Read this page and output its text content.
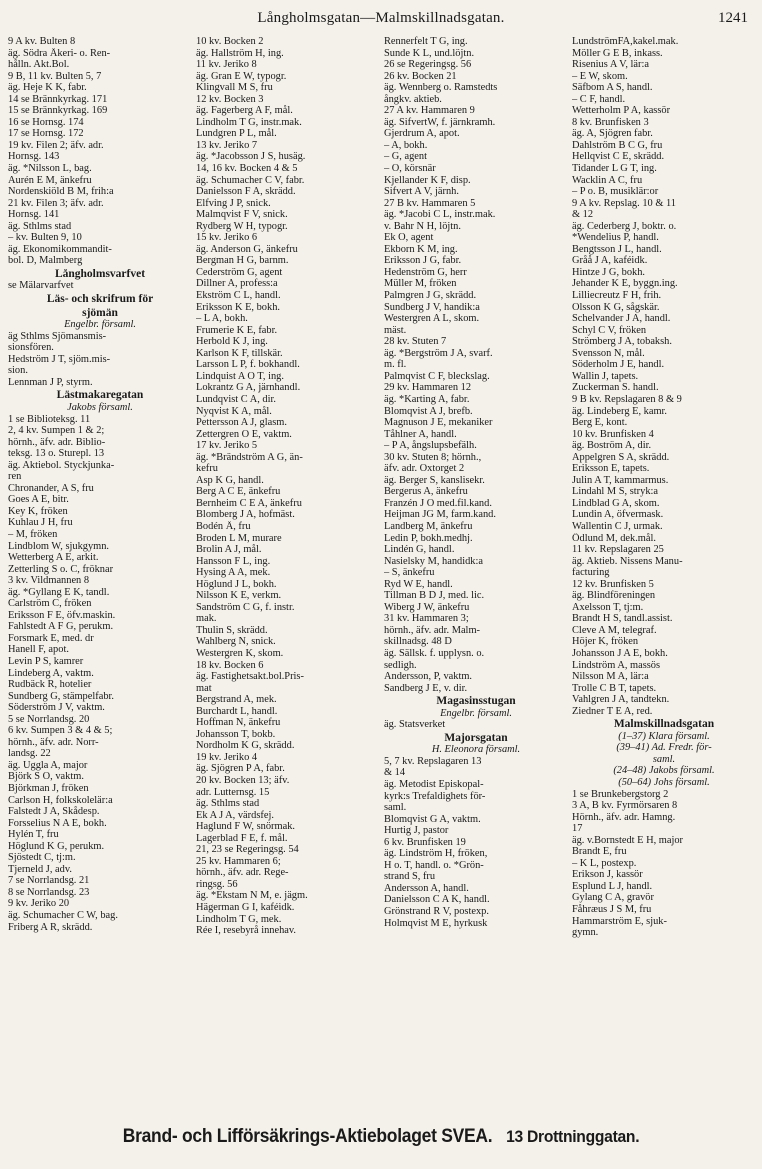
Långholmsgatan—Malmskillnadsgatan.	1241
9 A kv. Bulten 8
äg. Södra Åkeri- o. Ren-
hålln. Akt.Bol.
9 B, 11 kv. Bulten 5, 7
äg. Heje K K, fabr.
14 se Brännkyrkag. 171
15 se Brännkyrkag. 169
16 se Hornsg. 174
17 se Hornsg. 172
19 kv. Filen 2; äfv. adr.
Hornsg. 143
äg. *Nilsson L, bag.
Aurén E M, änkefru
Nordenskiöld B M, frih:a
21 kv. Filen 3; äfv. adr.
Hornsg. 141
äg. Sthlms stad
– kv. Bulten 9, 10
äg. Ekonomikommandit-
bol. D, Malmberg
Långholmsvarfvet
se Mälarvarfvet
Läs- och skrifrum för
sjömän
Engelbr. församl.
äg Sthlms Sjömansmis-
sionsfören.
Hedström J T, sjöm.mis-
sion.
Lennman J P, styrm.
Lästmakaregatan
Jakobs församl.
1 se Biblioteksg. 11
2, 4 kv. Sumpen 1 & 2;
hörnh., äfv. adr. Biblio-
teksg. 13 o. Sturepl. 13
äg. Aktiebol. Styckjunka-
ren
Chronander, A S, fru
Goes A E, bitr.
Key K, fröken
Kuhlau J H, fru
– M, fröken
Lindblom W, sjukgymn.
Wetterberg A E, arkit.
Zetterling S o. C, fröknar
3 kv. Vildmannen 8
äg. *Gyllang E K, tandl.
Carlström C, fröken
Eriksson F E, öfv.maskin.
Fahlstedt A F G, perukm.
Forsmark E, med. dr
Hanell F, apot.
Levin P S, kamrer
Lindeberg A, vaktm.
Rudbäck R, hotelier
Sundberg G, stämpelfabr.
Söderström J V, vaktm.
5 se Norrlandsg. 20
6 kv. Sumpen 3 & 4 & 5;
hörnh., äfv. adr. Norr-
landsg. 22
äg. Uggla A, major
Björk S O, vaktm.
Björkman J, fröken
Carlson H, folkskolelär:a
Falstedt J A, Skådesp.
Forsselius N A E, bokh.
Hylén T, fru
Höglund K G, perukm.
Sjöstedt C, tj:m.
Tjerneld J, adv.
7 se Norrlandsg. 21
8 se Norrlandsg. 23
9 kv. Jeriko 20
äg. Schumacher C W, bag.
Friberg A R, skrädd.
10 kv. Bocken 2
äg. Hallström H, ing.
11 kv. Jeriko 8
äg. Gran E W, typogr.
Klingvall M S, fru
12 kv. Bocken 3
äg. Fagerberg A F, mål.
Lindholm T G, instr.mak.
Lundgren P L, mål.
13 kv. Jeriko 7
äg. *Jacobsson J S, husäg.
14, 16 kv. Bocken 4 & 5
äg. Schumacher C V, fabr.
Danielsson F A, skrädd.
Elfving J P, snick.
Malmqvist F V, snick.
Rydberg W H, typogr.
15 kv. Jeriko 6
äg. Anderson G, änkefru
Bergman H G, barnm.
Cederström G, agent
Dillner A, profess:a
Ekström C L, handl.
Eriksson K E, bokh.
– L A, bokh.
Frumerie K E, fabr.
Herbold K J, ing.
Karlson K F, tillskär.
Larsson L P, f. bokhandl.
Lindquist A O T, ing.
Lokrantz G A, järnhandl.
Lundqvist C A, dir.
Nyqvist K A, mål.
Pettersson A J, glasm.
Zettergren O E, vaktm.
17 kv. Jeriko 5
äg. *Brändström A G, än-
kefru
Asp K G, handl.
Berg A C E, änkefru
Bernheim C E A, änkefru
Blomberg J A, hofmäst.
Bodén Ä, fru
Broden L M, murare
Brolin A J, mål.
Hansson F L, ing.
Hysing A A, mek.
Höglund J L, bokh.
Nilsson K E, verkm.
Sandström C G, f. instr.
mak.
Thulin S, skrädd.
Wahlberg N, snick.
Westergren K, skom.
18 kv. Bocken 6
äg. Fastighetsakt.bol.Pris-
mat
Bergstrand A, mek.
Burchardt L, handl.
Hoffman N, änkefru
Johansson T, bokb.
Nordholm K G, skrädd.
19 kv. Jeriko 4
äg. Sjögren P A, fabr.
20 kv. Bocken 13; äfv.
adr. Lutternsg. 15
äg. Sthlms stad
Ek A J A, värdsfej.
Haglund F W, snörmak.
Lagerblad F E, f. mål.
21, 23 se Regeringsg. 54
25 kv. Hammaren 6;
hörnh., äfv. adr. Rege-
ringsg. 56
äg. *Ekstam N M, e. jägm.
Hägerman G I, kaféidk.
Lindholm T G, mek.
Rée I, resebyrå innehav.
Rennerfelt T G, ing.
Sunde K L, und.löjtn.
26 se Regeringsg. 56
26 kv. Bocken 21
äg. Wennberg o. Ramstedts
ångkv. aktieb.
27 A kv. Hammaren 9
äg. SifvertW, f. järnkramh.
Gjerdrum A, apot.
– A, bokh.
– G, agent
– O, körsnär
Kjellander K F, disp.
Sifvert A V, järnh.
27 B kv. Hammaren 5
äg. *Jacobi C L, instr.mak.
v. Bahr N H, löjtn.
Ek O, agent
Ekborn K M, ing.
Eriksson J G, fabr.
Hedenström G, herr
Müller M, fröken
Palmgren J G, skrädd.
Sundberg J V, handik:a
Westergren A L, skom.
mäst.
28 kv. Stuten 7
äg. *Bergström J A, svarf.
m. fl.
Palmqvist C F, bleckslag.
29 kv. Hammaren 12
äg. *Karting A, fabr.
Blomqvist A J, brefb.
Magnuson J E, mekaniker
Tåhlner A, handl.
– P A, ångslupsbefälh.
30 kv. Stuten 8; hörnh.,
äfv. adr. Oxtorget 2
äg. Berger S, kanslisekr.
Bergerus A, änkefru
Franzén J O med.fil.kand.
Heijman JG M, farm.kand.
Landberg M, änkefru
Ledin P, bokh.medhj.
Lindén G, handl.
Nasielsky M, handidk:a
– S, änkefru
Ryd W E, handl.
Tillman B D J, med. lic.
Wiberg J W, änkefru
31 kv. Hammaren 3;
hörnh., äfv. adr. Malm-
skillnadsg. 48 D
äg. Sällsk. f. upplysn. o.
sedligh.
Andersson, P, vaktm.
Sandberg J E, v. dir.
Magasinsstugan
Engelbr. församl.
äg. Statsverket
Majorsgatan
H. Eleonora församl.
5, 7 kv. Repslagaren 13
& 14
äg. Metodist Episkopal-
kyrk:s Trefaldighets för-
saml.
Blomqvist G A, vaktm.
Hurtig J, pastor
6 kv. Brunfisken 19
äg. Lindström H, fröken,
H o. T, handl. o. *Grön-
strand S, fru
Andersson A, handl.
Danielsson C A K, handl.
Grönstrand R V, postexp.
Holmqvist M E, hyrkusk
LundströmFA,kakel.mak.
Möller G E B, inkass.
Risenius A V, lär:a
– E W, skom.
Säfbom A S, handl.
– C F, handl.
Wetterholm P A, kassör
8 kv. Brunfisken 3
äg. A, Sjögren fabr.
Dahlström B C G, fru
Hellqvist C E, skrädd.
Tidander L G T, ing.
Wacklin A C, fru
– P o. B, musiklär:or
9 A kv. Repslag. 10 & 11
& 12
äg. Cederberg J, boktr. o.
*Wendelius P, handl.
Bengtsson J L, handl.
Gråå J A, kaféidk.
Hintze J G, bokh.
Jehander K E, byggn.ing.
Lilliecreutz F H, frih.
Olsson K G, sågskär.
Schelvander J A, handl.
Schyl C V, fröken
Strömberg J A, tobaksh.
Svensson N, mål.
Söderholm J E, handl.
Wallin J, tapets.
Zuckerman S. handl.
9 B kv. Repslagaren 8 & 9
äg. Lindeberg E, kamr.
Berg E, kont.
10 kv. Brunfisken 4
äg. Boström A, dir.
Appelgren S A, skrädd.
Eriksson E, tapets.
Julin A T, kammarmus.
Lindahl M S, stryk:a
Lindblad G A, skom.
Lundin A, öfvermask.
Wallentin C J, urmak.
Ödlund M, dek.mål.
11 kv. Repslagaren 25
äg. Aktieb. Nissens Manu-
facturing
12 kv. Brunfisken 5
äg. Blindföreningen
Axelsson T, tj:m.
Brandt H S, tandl.assist.
Cleve A M, telegraf.
Höjer K, fröken
Johansson J A E, bokh.
Lindström A, massös
Nilsson M A, lär:a
Trolle C B T, tapets.
Vahlgren J A, tandtekn.
Ziedner T E A, red.
Malmskillnadsgatan
(1–37) Klara församl.
(39–41) Ad. Fredr. för-
saml.
(24–48) Jakobs församl.
(50–64) Johs församl.
1 se Brunkebergstorg 2
3 A, B kv. Fyrmörsaren 8
Hörnh., äfv. adr. Hamng.
17
äg. v.Bornstedt E H, major
Brandt E, fru
– K L, postexp.
Erikson J, kassör
Esplund L J, handl.
Gylang C A, gravör
Fåhræus J S M, fru
Hammarström E, sjuk-
gymn.
Brand- och Lifförsäkrings-Aktiebolaget SVEA. 13 Drottninggatan.
